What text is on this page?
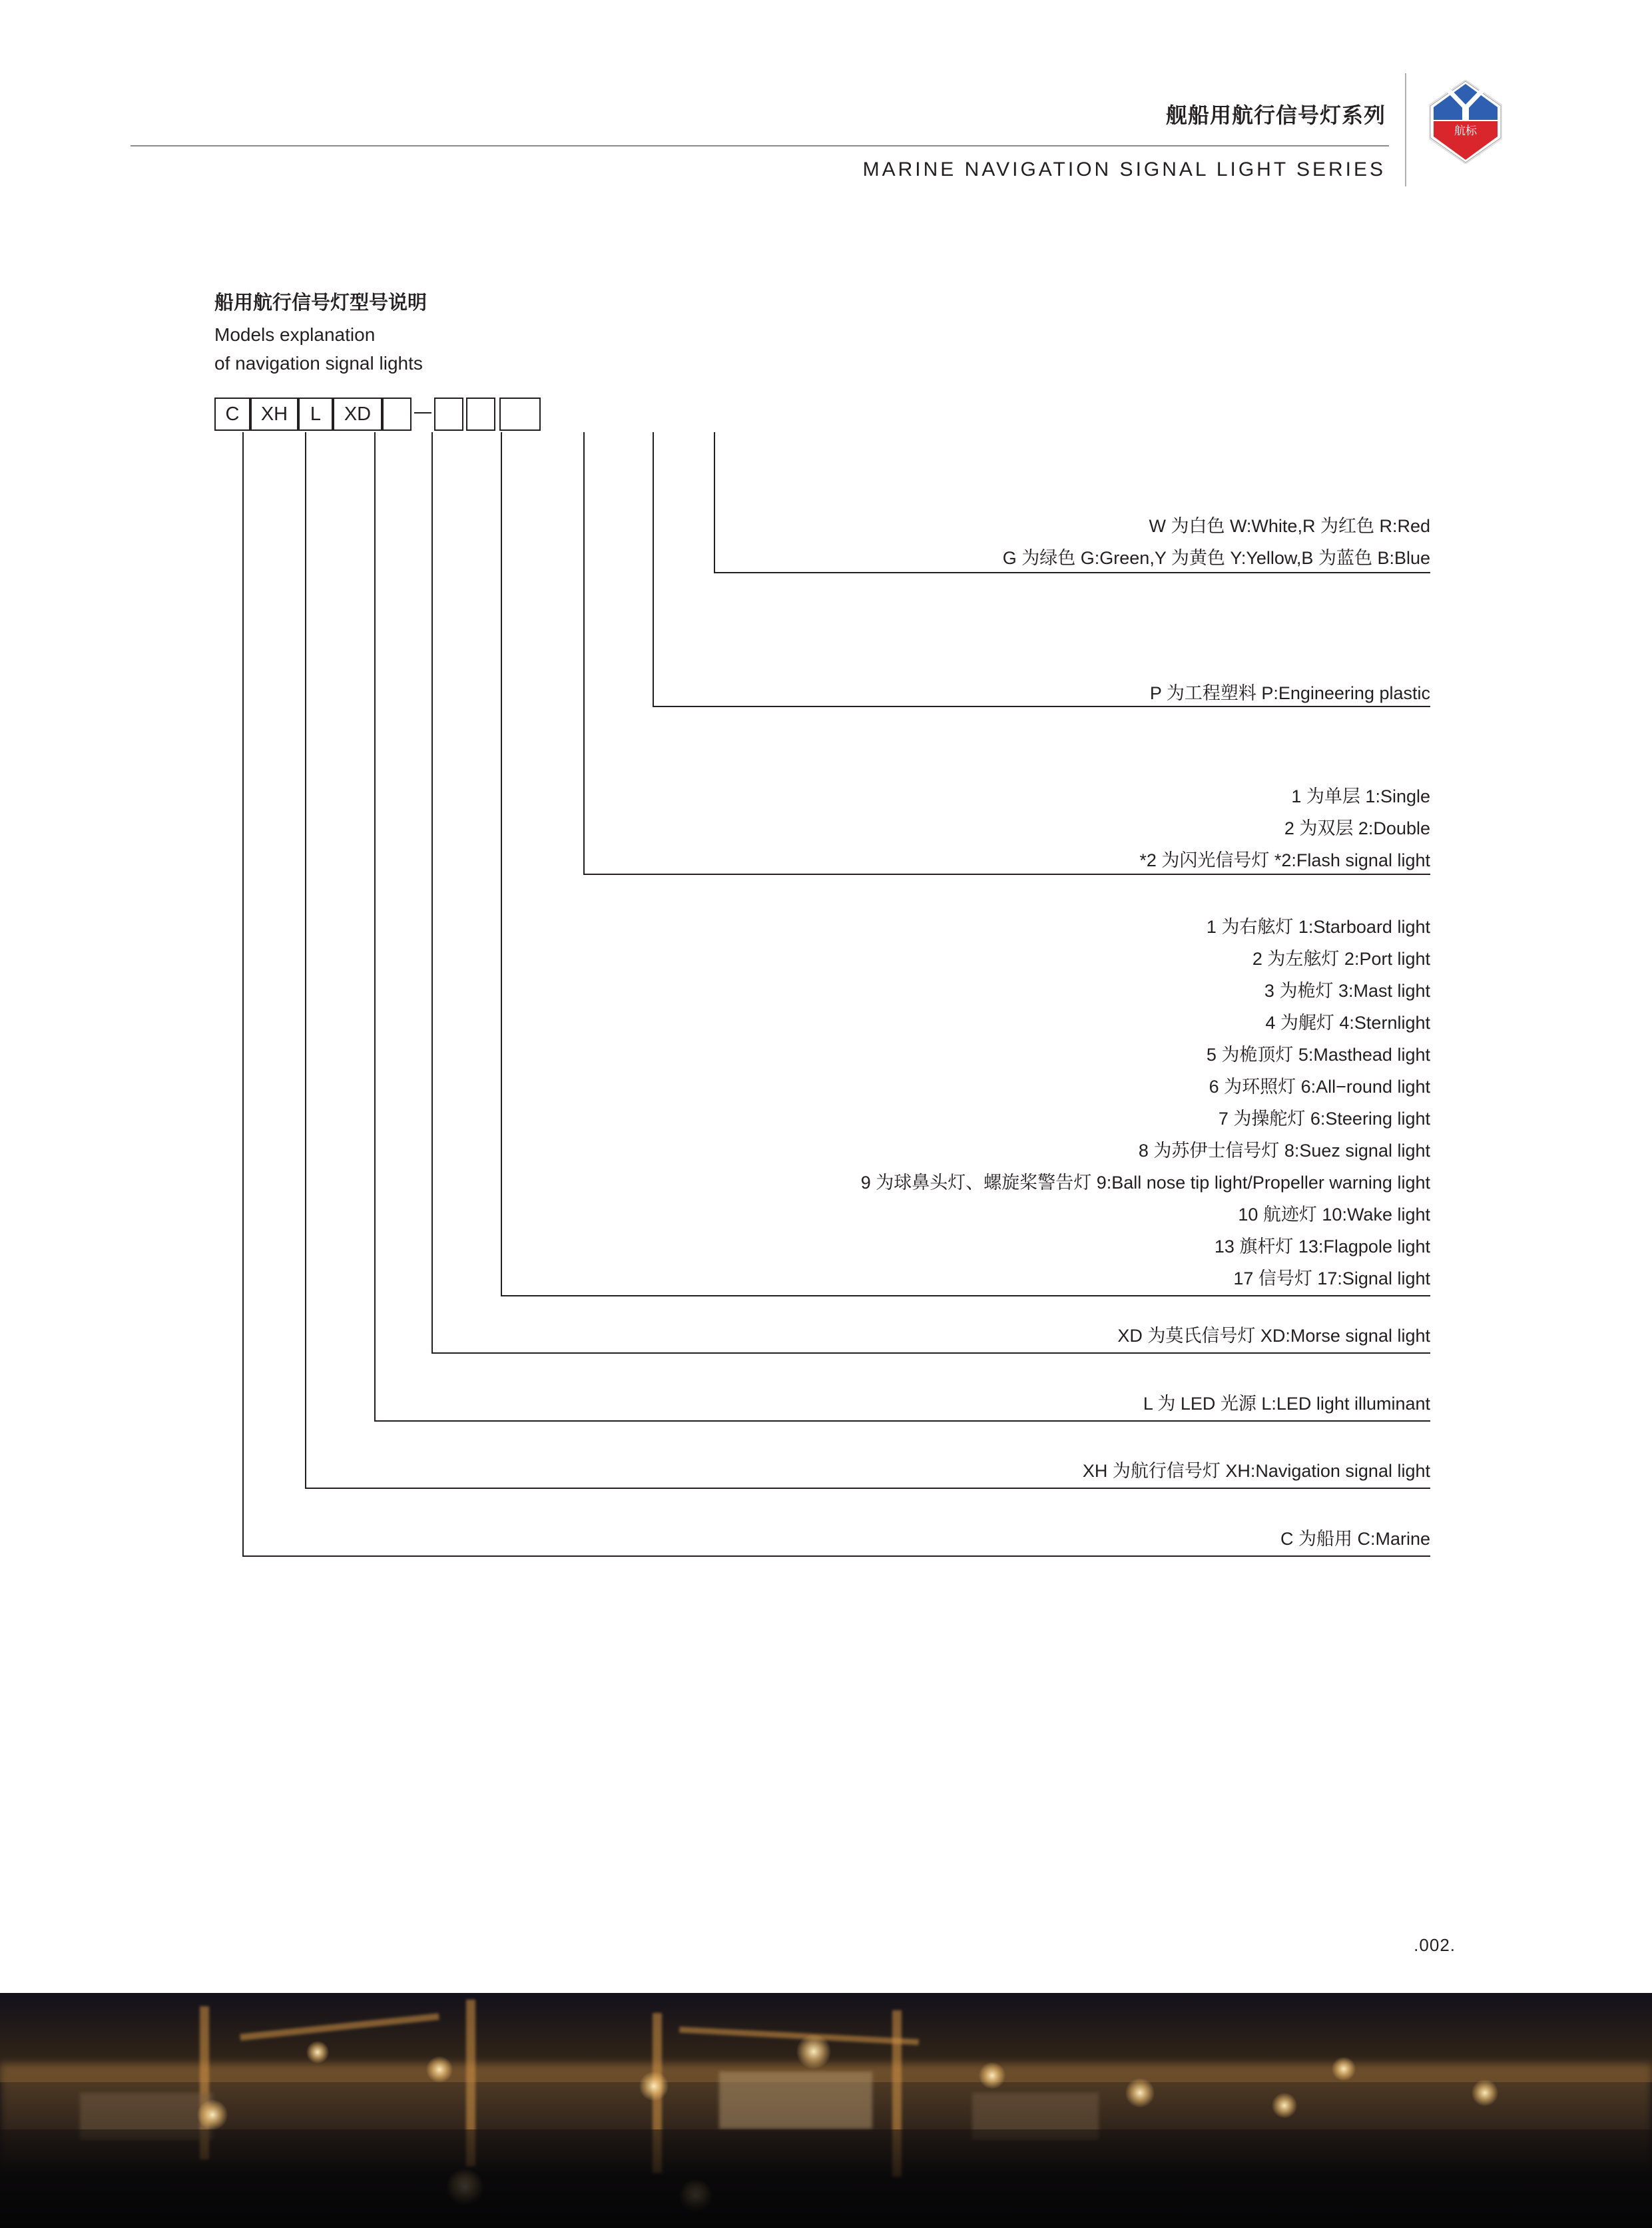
舰船用航行信号灯系列
MARINE NAVIGATION SIGNAL LIGHT SERIES
航标
船用航行信号灯型号说明
Models explanation
of navigation signal lights
C	XH	L	XD
W 为白色 W:White,R 为红色 R:Red
G 为绿色 G:Green,Y 为黄色 Y:Yellow,B 为蓝色 B:Blue
P 为工程塑料 P:Engineering plastic
1 为单层 1:Single
2 为双层 2:Double
*2 为闪光信号灯 *2:Flash signal light
1 为右舷灯 1:Starboard light
2 为左舷灯 2:Port light
3 为桅灯 3:Mast light
4 为艉灯 4:Sternlight
5 为桅顶灯 5:Masthead light
6 为环照灯 6:All−round light
7 为操舵灯 6:Steering light
8 为苏伊士信号灯 8:Suez signal light
9 为球鼻头灯、螺旋桨警告灯 9:Ball nose tip light/Propeller warning light
10 航迹灯 10:Wake light
13 旗杆灯 13:Flagpole light
17 信号灯 17:Signal light
XD 为莫氏信号灯 XD:Morse signal light
L 为 LED 光源 L:LED light illuminant
XH 为航行信号灯 XH:Navigation signal light
C 为船用 C:Marine
.002.
